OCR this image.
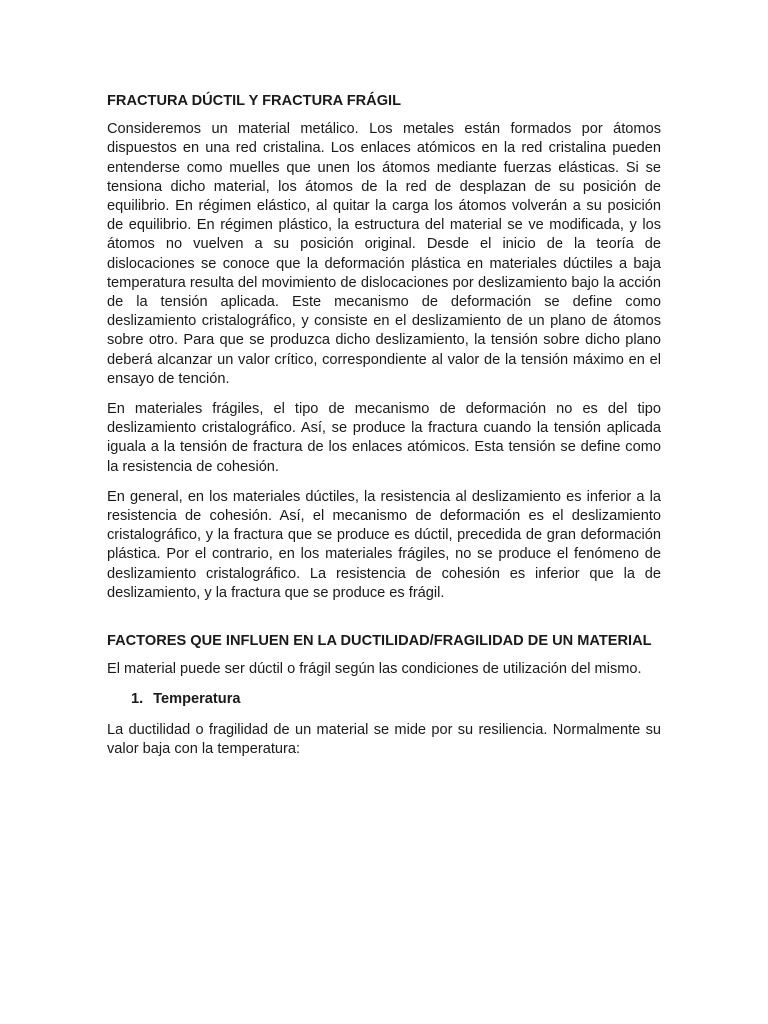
FRACTURA DÚCTIL Y FRACTURA FRÁGIL

Consideremos un material metálico. Los metales están formados por átomos dispuestos en una red cristalina. Los enlaces atómicos en la red cristalina pueden entenderse como muelles que unen los átomos mediante fuerzas elásticas. Si se tensiona dicho material, los átomos de la red de desplazan de su posición de equilibrio. En régimen elástico, al quitar la carga los átomos volverán a su posición de equilibrio. En régimen plástico, la estructura del material se ve modificada, y los átomos no vuelven a su posición original. Desde el inicio de la teoría de dislocaciones se conoce que la deformación plástica en materiales dúctiles a baja temperatura resulta del movimiento de dislocaciones por deslizamiento bajo la acción de la tensión aplicada. Este mecanismo de deformación se define como deslizamiento cristalográfico, y consiste en el deslizamiento de un plano de átomos sobre otro. Para que se produzca dicho deslizamiento, la tensión sobre dicho plano deberá alcanzar un valor crítico, correspondiente al valor de la tensión máximo en el ensayo de tención.

En materiales frágiles, el tipo de mecanismo de deformación no es del tipo deslizamiento cristalográfico. Así, se produce la fractura cuando la tensión aplicada iguala a la tensión de fractura de los enlaces atómicos. Esta tensión se define como la resistencia de cohesión.

En general, en los materiales dúctiles, la resistencia al deslizamiento es inferior a la resistencia de cohesión. Así, el mecanismo de deformación es el deslizamiento cristalográfico, y la fractura que se produce es dúctil, precedida de gran deformación plástica. Por el contrario, en los materiales frágiles, no se produce el fenómeno de deslizamiento cristalográfico. La resistencia de cohesión es inferior que la de deslizamiento, y la fractura que se produce es frágil.

FACTORES QUE INFLUEN EN LA DUCTILIDAD/FRAGILIDAD DE UN MATERIAL

El material puede ser dúctil o frágil según las condiciones de utilización del mismo.

1. Temperatura

La ductilidad o fragilidad de un material se mide por su resiliencia. Normalmente su valor baja con la temperatura:
